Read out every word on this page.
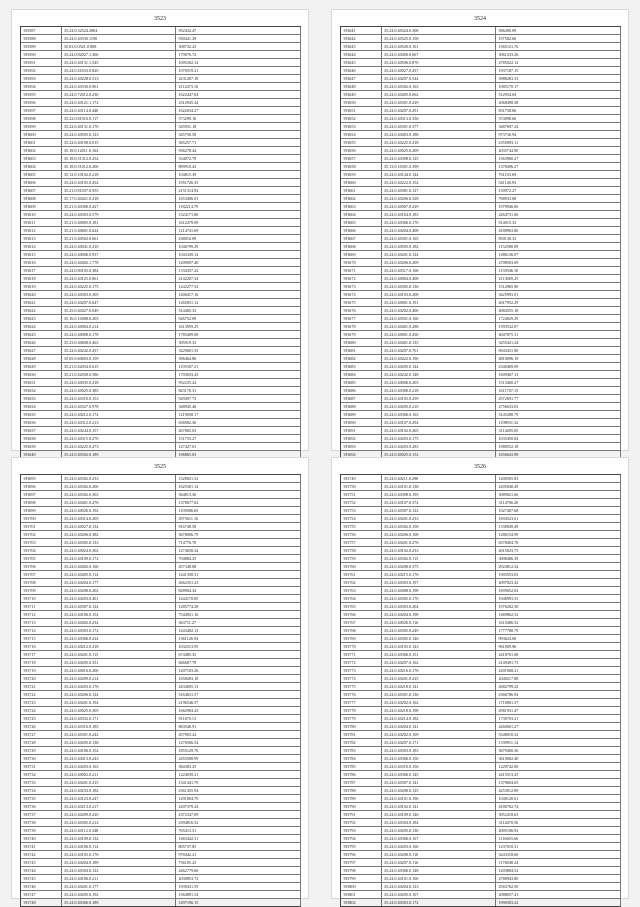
3523
193587	35.24.0.32524.2804	952432.47
193588	35.24.0.40330.1190	930421.29
193589	35.03.0.0521.0.808	308732.23
193590	35.24.0.82027.1.366	179076.72
193591	35.24.0.40131.1.545	1005302.14
193592	35.24.0.41633.0.820	1070519.21
193593	35.24.0.40228.0.513	2231207.18
193594	35.24.0.40330.0.961	2112473.16
193595	35.24.0.72012.0.230	1622447.04
193596	35.24.0.40121.1.172	2312945.44
193597	35.24.0.40114.0.440	1622034.27
193598	35.22.0.81016.0.117	573299.16
193599	35.22.0.40131.0.170	545931.18
193600	35.24.0.40505.0.123	345750.58
193601	35.22.0.40108.0.015	365257.71
193602	35.18.0.12011.0.164	936278.44
193603	35.18.0.51312.0.252	334072.79
193604	35.18.0.51012.0.200	899910.43
193605	35.12.0.10102.0.218	104815.39
193606	35.24.0.40105.0.452	1951726.35
193607	35.21.0.81037.0.955	2151314.92
193608	35.17.0.40421.0.418	1653406.01
193609	35.21.0.40300.0.427	1182214.79
193610	35.24.0.40303.0.579	1324171.86
193611	35.21.0.40005.0.181	1612479.09
193612	35.21.0.40601.0.624	1214741.69
193613	35.21.0.40502.0.661	238016.09
193614	35.24.0.40041.0.410	1046799.29
193615	35.24.0.40006.0.937	1043349.14
193616	35.24.0.40402.1.778	1209097.40
193617	35.24.0.80105.0.384	1334357.22
193618	35.24.0.40125.0.861	2142207.34
193619	35.24.0.40225.0.175	1242277.52
193620	35.24.0.40303.0.305	1406417.16
193621	35.24.0.40207.0.647	1265051.12
193622	35.25.0.40427.0.049	514465.33
193623	35.16.0.10408.0.203	926752.09
193624	35.24.0.40004.0.214	1613959.25
193625	35.24.0.40008.0.178	1785409.08
193626	35.23.0.40608.0.463	305019.33
193627	35.22.0.40242.0.437	3229601.35
193628	35.05.0.60603.0.159	396464.86
193629	35.21.0.42034.0.615	1195307.21
193630	35.21.0.42030.0.586	1703033.43
193631	35.24.0.40035.0.418	952235.24
193632	35.24.0.40025.0.385	823170.31
193633	35.24.0.40310.0.153	929497.73
193634	35.24.0.40327.0.978	348945.46
193635	35.24.0.40212.0.174	1219058.17
193636	35.24.0.40312.0.213	636982.36
193637	35.24.0.40244.0.157	267065.03
193638	35.24.0.40315.0.270	151755.27
193639	35.24.0.40225.0.473	127427.01
193640	35.24.0.40302.0.189	196865.03
3524
193641	35.24.0.40324.0.368	586490.09
193642	35.24.0.40325.0.158	197582.60
193643	35.24.0.40520.0.101	1565121.76
193644	35.24.0.40406.0.667	3061233.26
193645	35.24.0.40506.0.870	2785022.12
193646	35.24.0.40027.0.437	1937187.15
193647	35.24.0.40207.0.544	3988263.33
193648	35.24.0.40302.0.163	1085170.17
193649	35.24.0.40405.0.062	512954.04
193650	35.24.0.40301.0.229	2068498.38
193651	35.24.0.40207.0.291	831758.06
193652	35.24.0.40313.0.336	374098.60
193653	35.24.0.40301.0.377	3487697.24
193654	35.24.0.40403.0.188	973736.94
193655	35.24.0.40225.0.418	2355093.11
193656	35.24.0.40025.0.209	2035744.90
193657	35.24.0.40308.0.125	1563960.27
193658	35.13.0.10301.0.399	1378496.27
193659	35.24.0.40144.0.144	761103.69
193660	35.24.0.40222.0.152	541140.93
193661	35.24.0.40381.0.127	150972.27
193662	35.24.0.40206.0.328	768933.68
193663	35.24.0.40007.0.229	1979946.06
193664	35.24.0.40164.0.183	2264731.06
193665	35.24.0.40306.0.170	914015.33
193666	35.24.0.40204.0.408	4188963.86
193667	35.24.0.40301.0.165	850130.33
193668	35.24.0.40505.0.182	1152580.09
193669	35.24.0.40201.0.124	1486136.07
193670	35.24.0.40206.0.209	2708503.69
193671	35.24.0.40317.0.168	1135946.10
193672	35.24.0.40004.0.408	2113069.25
193673	35.24.0.40305.0.136	1512965.90
193674	35.24.0.40103.0.208	3425993.01
193675	35.24.0.40001.0.191	4017952.29
193676	35.24.0.40202.0.400	4084555.18
193677	35.24.0.40501.0.160	1724029.29
193678	35.24.0.40401.0.288	1593532.07
193679	35.24.0.40001.0.450	4047875.31
193680	35.24.0.40401.0.135	3255421.24
193681	35.24.0.40207.0.701	6943431.90
193682	35.24.0.40422.0.190	4810096.19
193683	35.24.0.40205.0.144	2340469.09
193684	35.24.0.40242.0.148	1609467.13
193685	35.24.0.40006.0.203	1513460.27
193686	35.24.0.40300.0.218	1611707.15
193687	35.24.0.40105.0.259	2572691.77
193688	35.24.0.40205.0.210	2756633.03
193689	35.24.0.40306.0.163	3145280.79
193690	35.24.0.40107.0.294	1198931.32
193691	35.24.0.40102.0.265	3114495.05
193692	35.24.0.40203.0.175	1035450.84
193693	35.24.0.40203.0.283	1980552.18
193694	35.24.0.40025.0.152	1656643.98
3525
193695	35.24.0.40302.0.233	1320021.52
193696	35.24.0.40302.0.200	1625301.14
193697	35.24.0.40302.0.363	364813.36
193698	35.24.0.40401.0.476	1378677.02
193699	35.24.0.40026.0.192	1105086.65
193700	35.24.0.40314.0.205	2975611.16
193701	35.24.0.40027.0.134	916748.58
193702	35.24.0.40206.0.382	3678006.79
193703	35.24.0.40305.0.133	714776.70
193704	35.24.0.40024.0.302	1274658.34
193705	35.24.0.40109.0.172	704884.25
193706	35.24.0.40402.0.160	457348.08
193707	35.24.0.40405.0.114	1441358.31
193708	35.24.0.40204.0.177	2662351.23
193709	35.24.0.40208.0.202	828904.34
193710	35.24.0.40203.0.401	1444170.85
193711	35.24.0.40307.0.124	1285774.28
193712	35.24.0.40106.0.154	7544921.16
193713	35.24.0.40402.0.234	363711.27
193714	35.24.0.40303.0.172	1443402.13
193715	35.24.0.40306.0.224	1361126.94
193716	35.24.0.40212.0.418	1032513.95
193717	35.24.0.40201.0.115	674485.35
193718	35.24.0.40205.0.331	846607.79
193719	35.24.0.40016.0.200	1207103.26
193720	35.24.0.40209.0.214	1658203.18
193721	35.24.0.40203.0.176	2434005.13
193722	35.24.0.40206.0.124	5164631.57
193723	35.24.0.40201.0.194	2196546.57
193724	35.24.0.40025.0.305	1662904.43
193725	35.24.0.40332.0.171	911670.13
193726	35.24.0.40316.0.185	863546.91
193727	35.24.0.40301.0.242	457903.24
193728	35.24.0.40205.0.138	1276566.54
193729	35.24.0.40106.0.152	1855129.76
193730	35.24.0.40413.0.243	2455508.99
193731	35.24.0.40203.0.163	384383.25
193732	35.24.0.40002.0.211	1224039.21
193733	35.24.0.40201.0.415	1341441.79
193734	35.24.0.40233.0.182	2361455.94
193735	35.24.0.40123.0.247	1291804.79
193736	35.24.0.40213.0.217	2207379.24
193737	35.24.0.40209.0.220	2372347.09
193738	35.24.0.40305.0.212	2394816.52
193739	35.24.0.40112.0.348	765413.51
193740	35.24.0.40109.0.132	1463442.31
193741	35.24.0.40106.0.114	805737.85
193742	35.24.0.40105.0.176	978442.21
193743	35.24.0.40204.0.189	736105.23
193744	35.24.0.40304.0.122	2462779.60
193745	35.24.0.40106.0.211	2030853.72
193746	35.24.0.40201.0.177	1939431.59
193747	35.24.0.40205.0.192	1564891.54
193748	35.24.0.40306.0.189	1497196.15
3526
193749	35.24.0.40211.0.290	1200505.83
193750	35.24.0.40101.0.138	2205040.49
193751	35.24.0.40308.0.195	3089021.66
193752	35.24.0.40107.0.374	3114706.20
193753	35.24.0.40307.0.122	1027407.68
193754	35.24.0.40201.0.233	1694523.61
193755	35.24.0.40302.0.158	1330049.49
193756	35.24.0.40206.0.108	1286154.99
193757	35.24.0.40201.0.276	6578404.78
193758	35.24.0.40102.0.233	4015023.75
193759	35.24.0.40302.0.115	3008486.39
193760	35.24.0.40208.0.375	2924812.34
193761	35.24.0.40215.0.176	1903553.03
193762	35.24.0.40303.0.197	2097023.42
193763	35.24.0.40408.0.198	1695652.04
193764	35.24.0.40305.0.170	1946993.53
193765	35.24.0.40303.0.204	1976202.30
193766	35.24.0.40204.0.198	1469862.52
193767	35.24.0.40026.0.116	1610486.52
193768	35.24.0.40305.0.249	1777780.79
193769	35.24.0.40305.0.146	993624.00
193770	35.24.0.40105.0.143	961009.96
193771	35.24.0.40306.0.151	2418761.68
193772	35.24.0.40207.0.162	2149491.73
193773	35.24.0.40216.0.176	2201068.21
193774	35.24.0.40201.0.225	2040217.88
193775	35.24.0.40218.0.141	2682799.22
193776	35.24.0.40301.0.136	2366786.94
193777	35.24.0.40202.0.162	1710001.37
193778	35.24.0.40218.0.198	2981931.47
193779	35.24.0.40214.0.182	1739703.21
193780	35.24.0.40204.0.141	4260601.27
193781	35.24.0.40202.0.109	5348010.32
193782	35.24.0.40207.0.171	1339911.14
193783	35.24.0.40303.0.183	3679460.36
193784	35.24.0.40306.0.150	3610002.40
193785	35.24.0.40310.0.156	1229742.00
193786	35.24.0.40306.0.145	2415513.25
193787	35.24.0.40307.0.141	1379604.65
193788	35.24.0.40208.0.125	4253012.89
193789	35.24.0.40101.0.196	1040120.61
193790	35.24.0.40102.0.141	4180702.74
193791	35.24.0.40109.0.146	3052418.63
193792	35.24.0.40304.0.184	3114470.56
193793	35.24.0.40205.0.130	2005106.92
193794	35.24.0.40306.0.167	1116603.66
193795	35.24.0.40203.0.160	1237010.31
193796	35.24.0.40208.0.110	3243318.60
193797	35.24.0.40207.0.116	1176048.24
193798	35.24.0.40306.0.148	1203804.52
193799	35.24.0.40101.0.100	2780943.80
193800	35.24.0.40204.0.123	2563762.50
193801	35.24.0.40205.0.107	2088057.41
193802	35.24.0.40303.0.172	1990303.22
